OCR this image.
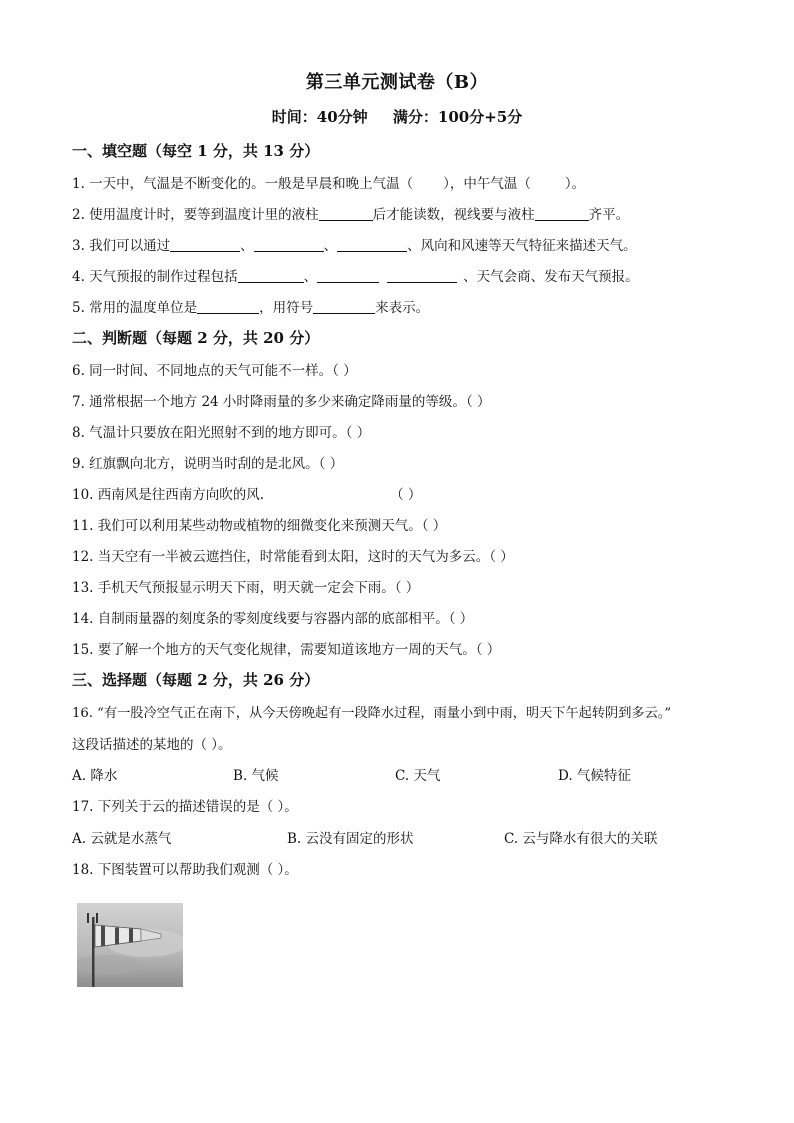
第三单元测试卷（B）
时间：40分钟 满分：100分+5分
一、填空题（每空 1 分，共 13 分）
1. 一天中，气温是不断变化的。一般是早晨和晚上气温（ ），中午气温（	）。
2. 使用温度计时，要等到温度计里的液柱	后才能读数，视线要与液柱	齐平。
3. 我们可以通过	、	、	、风向和风速等天气特征来描述天气。
4. 天气预报的制作过程包括	、	、天气会商、发布天气预报。
5. 常用的温度单位是	，用符号	来表示。
二、判断题（每题 2 分，共 20 分）
6. 同一时间、不同地点的天气可能不一样。（ ）
7. 通常根据一个地方 24 小时降雨量的多少来确定降雨量的等级。（ ）
8. 气温计只要放在阳光照射不到的地方即可。（ ）
9. 红旗飘向北方，说明当时刮的是北风。（ ）
10. 西南风是往西南方向吹的风.	（ ）
11. 我们可以利用某些动物或植物的细微变化来预测天气。（ ）
12. 当天空有一半被云遮挡住，时常能看到太阳，这时的天气为多云。（ ）
13. 手机天气预报显示明天下雨，明天就一定会下雨。（ ）
14. 自制雨量器的刻度条的零刻度线要与容器内部的底部相平。（ ）
15. 要了解一个地方的天气变化规律，需要知道该地方一周的天气。（ ）
三、选择题（每题 2 分，共 26 分）
16. “有一股冷空气正在南下，从今天傍晚起有一段降水过程，雨量小到中雨，明天下午起转阴到多云。”
这段话描述的某地的（ ）。
A. 降水	B. 气候	C. 天气	D. 气候特征
17. 下列关于云的描述错误的是（ ）。
A. 云就是水蒸气	B. 云没有固定的形状	C. 云与降水有很大的关联
18. 下图装置可以帮助我们观测（ ）。
